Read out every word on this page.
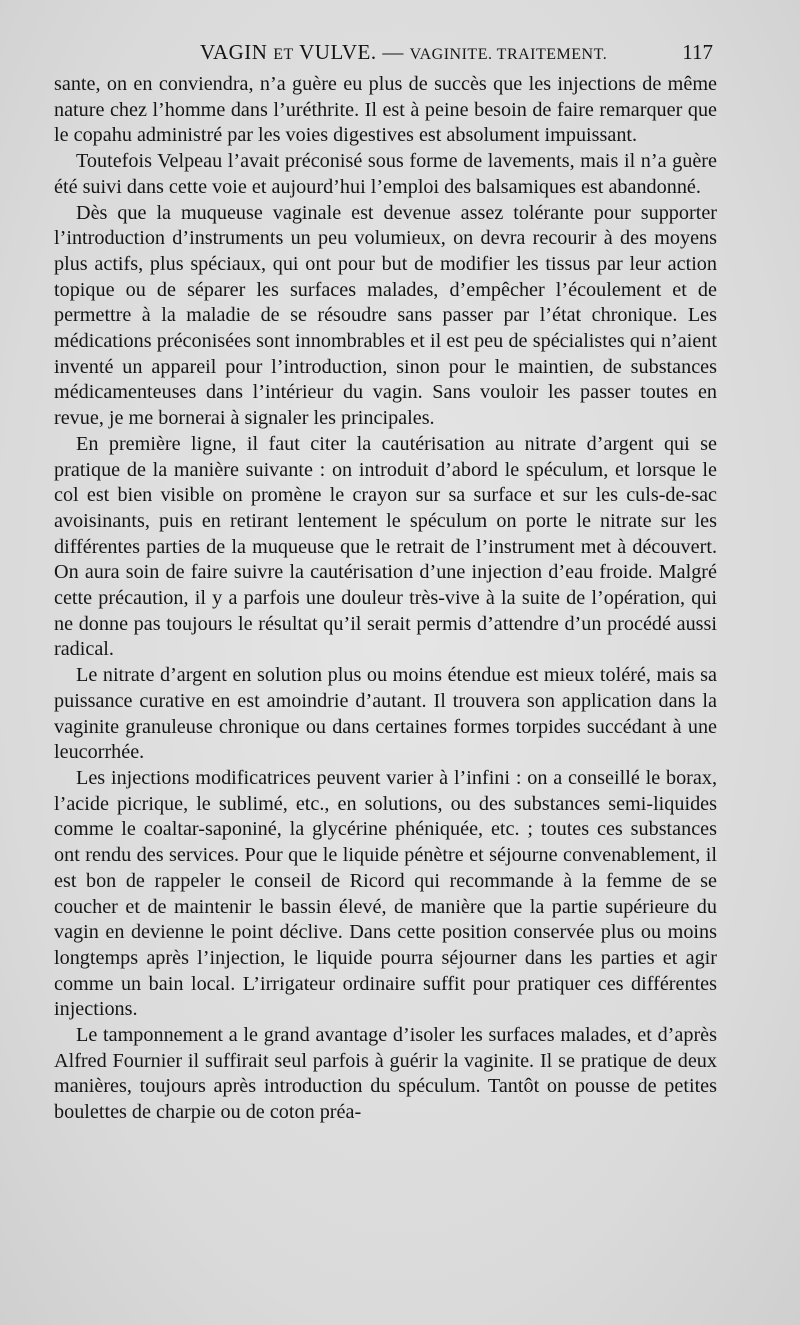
VAGIN ET VULVE. — VAGINITE. TRAITEMENT.	117

sante, on en conviendra, n’a guère eu plus de succès que les injections de même nature chez l’homme dans l’uréthrite. Il est à peine besoin de faire remarquer que le copahu administré par les voies digestives est absolument impuissant.

Toutefois Velpeau l’avait préconisé sous forme de lavements, mais il n’a guère été suivi dans cette voie et aujourd’hui l’emploi des balsamiques est abandonné.

Dès que la muqueuse vaginale est devenue assez tolérante pour supporter l’introduction d’instruments un peu volumieux, on devra recourir à des moyens plus actifs, plus spéciaux, qui ont pour but de modifier les tissus par leur action topique ou de séparer les surfaces malades, d’empêcher l’écoulement et de permettre à la maladie de se résoudre sans passer par l’état chronique. Les médications préconisées sont innombrables et il est peu de spécialistes qui n’aient inventé un appareil pour l’introduction, sinon pour le maintien, de substances médicamenteuses dans l’intérieur du vagin. Sans vouloir les passer toutes en revue, je me bornerai à signaler les principales.

En première ligne, il faut citer la cautérisation au nitrate d’argent qui se pratique de la manière suivante : on introduit d’abord le spéculum, et lorsque le col est bien visible on promène le crayon sur sa surface et sur les culs-de-sac avoisinants, puis en retirant lentement le spéculum on porte le nitrate sur les différentes parties de la muqueuse que le retrait de l’instrument met à découvert. On aura soin de faire suivre la cautérisation d’une injection d’eau froide. Malgré cette précaution, il y a parfois une douleur très-vive à la suite de l’opération, qui ne donne pas toujours le résultat qu’il serait permis d’attendre d’un procédé aussi radical.

Le nitrate d’argent en solution plus ou moins étendue est mieux toléré, mais sa puissance curative en est amoindrie d’autant. Il trouvera son application dans la vaginite granuleuse chronique ou dans certaines formes torpides succédant à une leucorrhée.

Les injections modificatrices peuvent varier à l’infini : on a conseillé le borax, l’acide picrique, le sublimé, etc., en solutions, ou des substances semi-liquides comme le coaltar-saponiné, la glycérine phéniquée, etc. ; toutes ces substances ont rendu des services. Pour que le liquide pénètre et séjourne convenablement, il est bon de rappeler le conseil de Ricord qui recommande à la femme de se coucher et de maintenir le bassin élevé, de manière que la partie supérieure du vagin en devienne le point déclive. Dans cette position conservée plus ou moins longtemps après l’injection, le liquide pourra séjourner dans les parties et agir comme un bain local. L’irrigateur ordinaire suffit pour pratiquer ces différentes injections.

Le tamponnement a le grand avantage d’isoler les surfaces malades, et d’après Alfred Fournier il suffirait seul parfois à guérir la vaginite. Il se pratique de deux manières, toujours après introduction du spéculum. Tantôt on pousse de petites boulettes de charpie ou de coton préa-
